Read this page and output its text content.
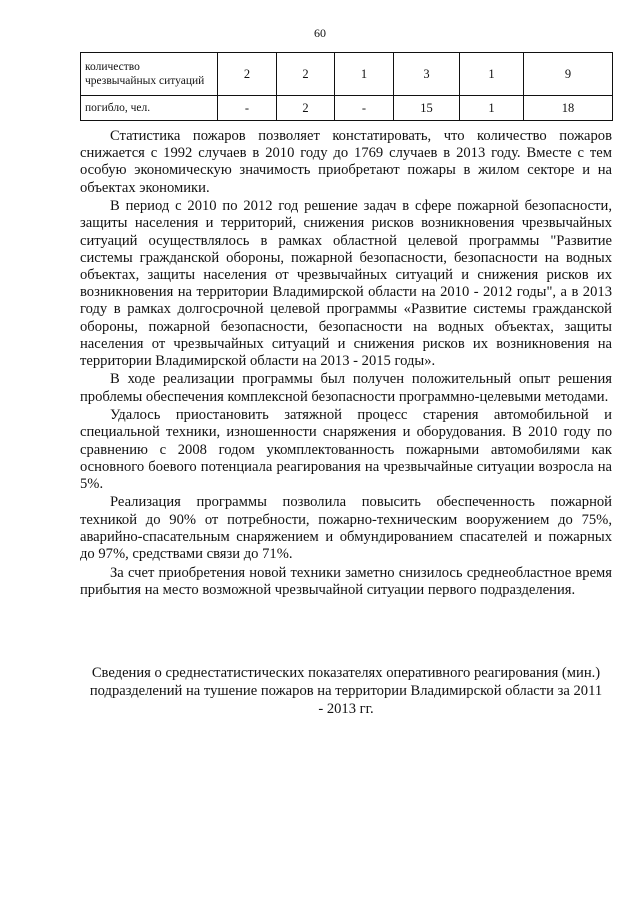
60
количество чрезвычайных ситуаций	2	2	1	3	1	9
погибло, чел.	-	2	-	15	1	18

Статистика пожаров позволяет констатировать, что количество пожаров снижается с 1992 случаев в 2010 году до 1769 случаев в 2013 году. Вместе с тем особую экономическую значимость приобретают пожары в жилом секторе и на объектах экономики.

В период с 2010 по 2012 год решение задач в сфере пожарной безопасности, защиты населения и территорий, снижения рисков возникновения чрезвычайных ситуаций осуществлялось в рамках областной целевой программы "Развитие системы гражданской обороны, пожарной безопасности, безопасности на водных объектах, защиты населения от чрезвычайных ситуаций и снижения рисков их возникновения на территории Владимирской области на 2010 - 2012 годы", а в 2013 году в рамках долгосрочной целевой программы «Развитие системы гражданской обороны, пожарной безопасности, безопасности на водных объектах, защиты населения от чрезвычайных ситуаций и снижения рисков их возникновения на территории Владимирской области на 2013 - 2015 годы».

В ходе реализации программы был получен положительный опыт решения проблемы обеспечения комплексной безопасности программно-целевыми методами.

Удалось приостановить затяжной процесс старения автомобильной и специальной техники, изношенности снаряжения и оборудования. В 2010 году по сравнению с 2008 годом укомплектованность пожарными автомобилями как основного боевого потенциала реагирования на чрезвычайные ситуации возросла на 5%.

Реализация программы позволила повысить обеспеченность пожарной техникой до 90% от потребности, пожарно-техническим вооружением до 75%, аварийно-спасательным снаряжением и обмундированием спасателей и пожарных до 97%, средствами связи до 71%.

За счет приобретения новой техники заметно снизилось среднеобластное время прибытия на место возможной чрезвычайной ситуации первого подразделения.

Сведения о среднестатистических показателях оперативного реагирования (мин.)

подразделений на тушение пожаров на территории Владимирской области за 2011

- 2013 гг.
